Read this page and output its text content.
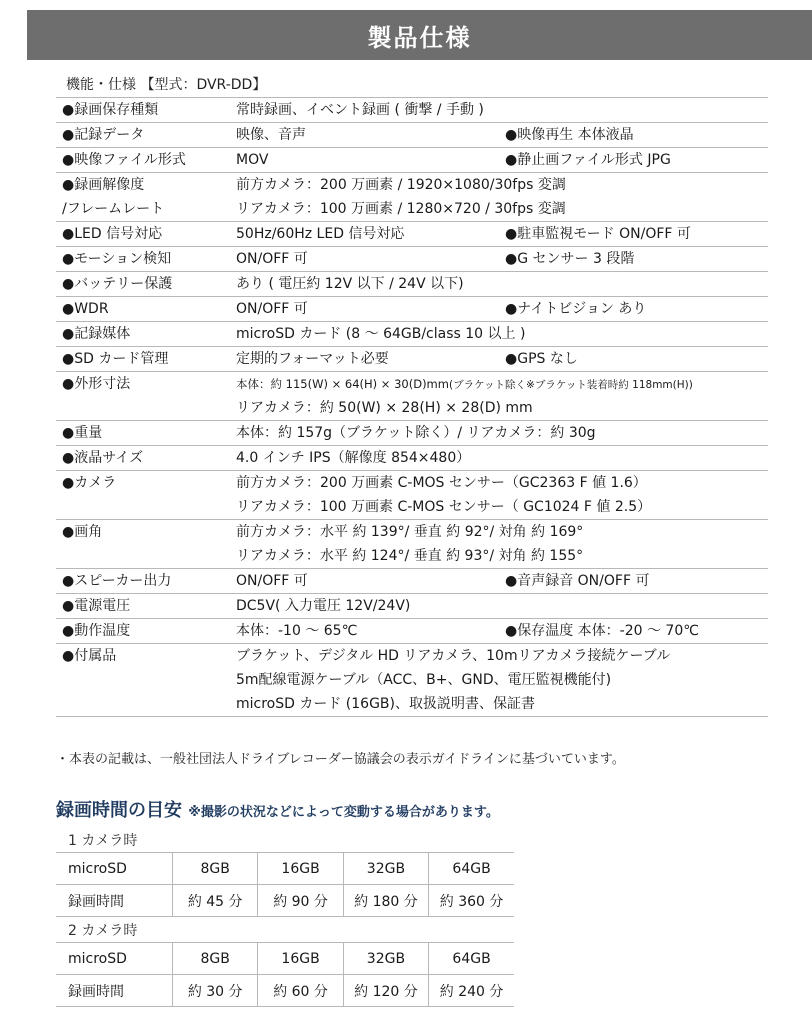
製品仕様
機能・仕様 【型式：DVR-DD】
●録画保存種類	常時録画、イベント録画 ( 衝撃 / 手動 )	
●記録データ	映像、音声	●映像再生 本体液晶
●映像ファイル形式	MOV	●静止画ファイル形式 JPG

●録画解像度
/フレームレート	前方カメラ：200 万画素 / 1920×1080/30fps 変調
リアカメラ：100 万画素 / 1280×720 / 30fps 変調	

●LED 信号対応	50Hz/60Hz LED 信号対応	●駐車監視モード ON/OFF 可
●モーション検知	ON/OFF 可	●G センサー 3 段階
●バッテリー保護	あり ( 電圧約 12V 以下 / 24V 以下)	
●WDR	ON/OFF 可	●ナイトビジョン あり
●記録媒体	microSD カード (8 ～ 64GB/class 10 以上 )	
●SD カード管理	定期的フォーマット必要	●GPS なし

●外形寸法	本体：約 115(W) × 64(H) × 30(D)mm(ブラケット除く※ブラケット装着時約 118mm(H))
リアカメラ：約 50(W) × 28(H) × 28(D) mm	

●重量	本体：約 157g（ブラケット除く）/ リアカメラ：約 30g	
●液晶サイズ	4.0 インチ IPS（解像度 854×480）	

●カメラ	前方カメラ：200 万画素 C-MOS センサー（GC2363 F 値 1.6）
リアカメラ：100 万画素 C-MOS センサー（ GC1024 F 値 2.5）	

●画角	前方カメラ：水平 約 139°/ 垂直 約 92°/ 対角 約 169°
リアカメラ：水平 約 124°/ 垂直 約 93°/ 対角 約 155°	

●スピーカー出力	ON/OFF 可	●音声録音 ON/OFF 可
●電源電圧	DC5V( 入力電圧 12V/24V)	
●動作温度	本体：-10 ～ 65℃	●保存温度 本体：-20 ～ 70℃

●付属品	ブラケット、デジタル HD リアカメラ、10mリアカメラ接続ケーブル
5m配線電源ケーブル（ACC、B+、GND、電圧監視機能付)
microSD カード (16GB)、取扱説明書、保証書	
・本表の記載は、一般社団法人ドライブレコーダー協議会の表示ガイドラインに基づいています。
録画時間の目安 ※撮影の状況などによって変動する場合があります。
1 カメラ時
microSD	8GB	16GB	32GB	64GB
録画時間	約 45 分	約 90 分	約 180 分	約 360 分
2 カメラ時
microSD	8GB	16GB	32GB	64GB
録画時間	約 30 分	約 60 分	約 120 分	約 240 分
